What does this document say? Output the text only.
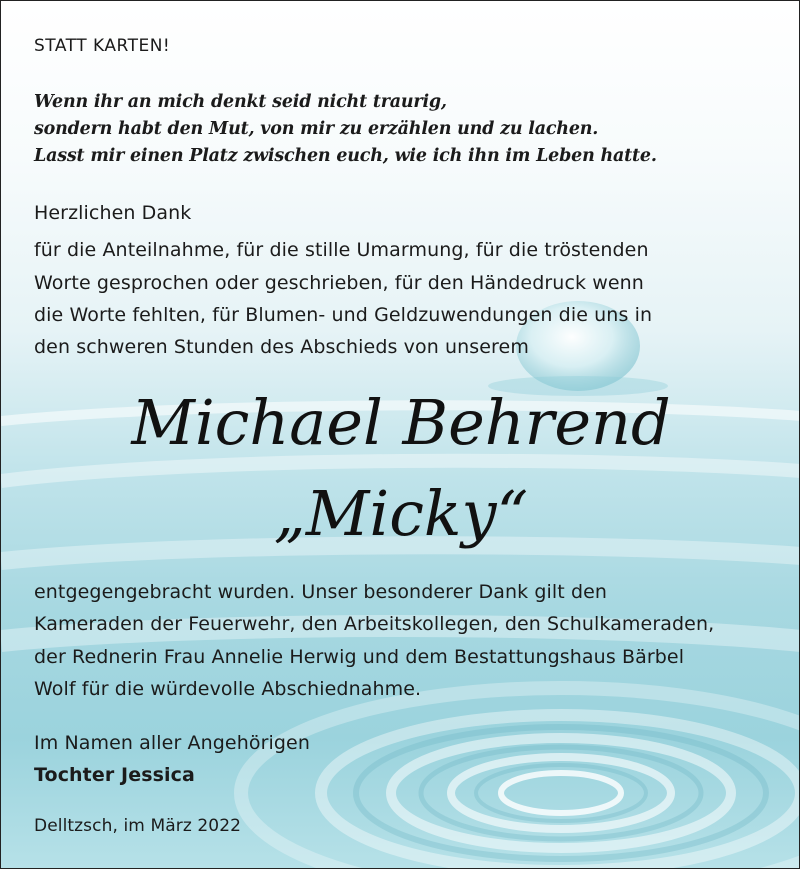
STATT KARTEN!
Wenn ihr an mich denkt seid nicht traurig,
sondern habt den Mut, von mir zu erzählen und zu lachen.
Lasst mir einen Platz zwischen euch, wie ich ihn im Leben hatte.
Herzlichen Dank
für die Anteilnahme, für die stille Umarmung, für die tröstenden
Worte gesprochen oder geschrieben, für den Händedruck wenn
die Worte fehlten, für Blumen- und Geldzuwendungen die uns in
den schweren Stunden des Abschieds von unserem
Michael Behrend
„Micky“
entgegengebracht wurden. Unser besonderer Dank gilt den
Kameraden der Feuerwehr, den Arbeitskollegen, den Schulkameraden,
der Rednerin Frau Annelie Herwig und dem Bestattungshaus Bärbel
Wolf für die würdevolle Abschiednahme.
Im Namen aller Angehörigen
Tochter Jessica
Delltzsch, im März 2022
